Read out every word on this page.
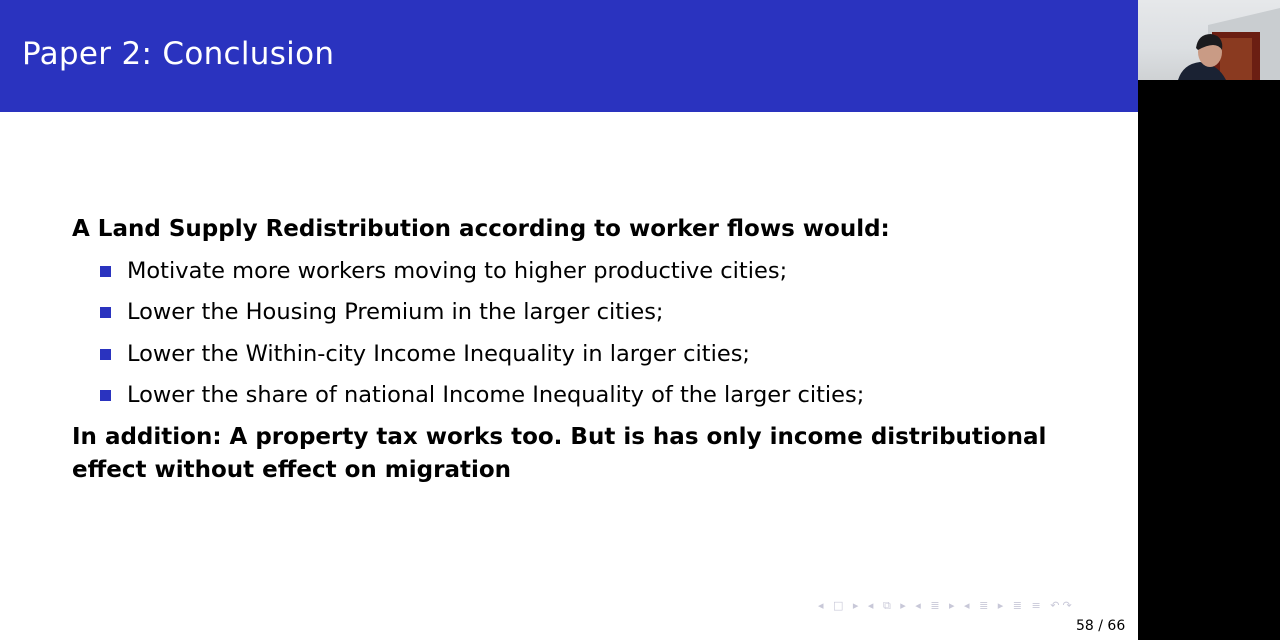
Paper 2: Conclusion
A Land Supply Redistribution according to worker flows would:
Motivate more workers moving to higher productive cities;
Lower the Housing Premium in the larger cities;
Lower the Within-city Income Inequality in larger cities;
Lower the share of national Income Inequality of the larger cities;
In addition: A property tax works too. But is has only income distributional
effect without effect on migration
◂ □ ▸ ◂ ⧉ ▸ ◂ ≣ ▸ ◂ ≣ ▸ ≣ ≡ ↶↷
58 / 66
